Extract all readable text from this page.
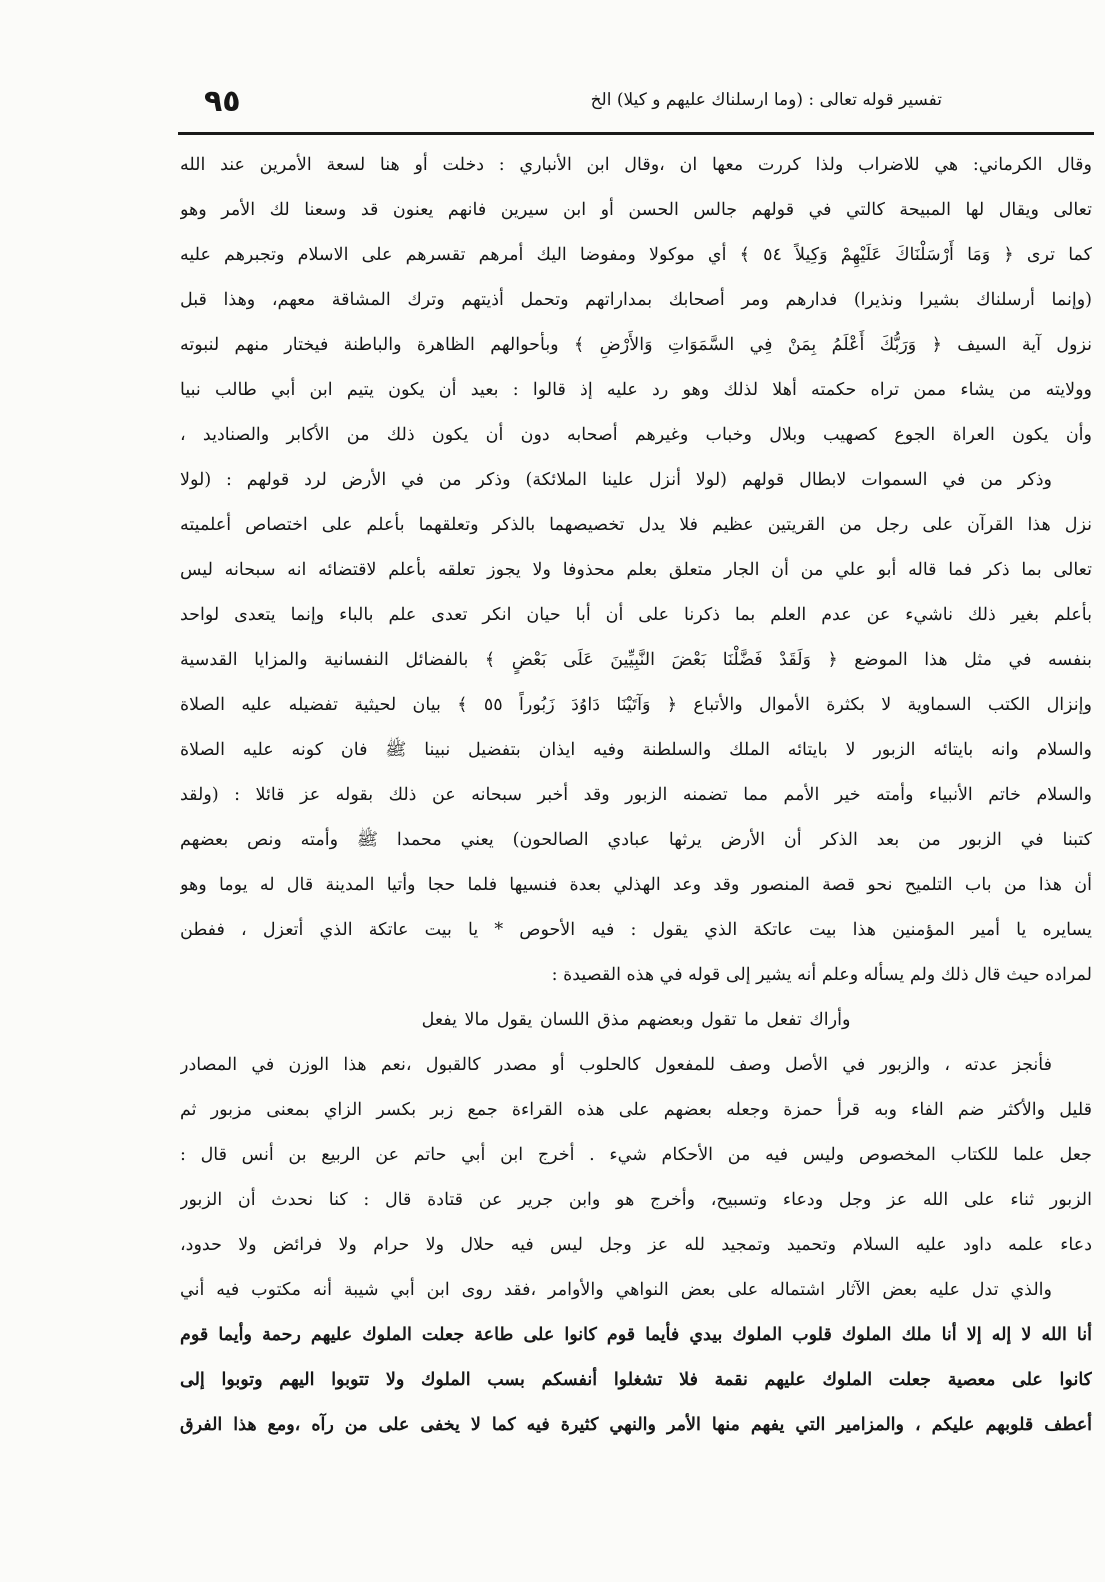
٩٥	تفسير قوله تعالى : (وما ارسلناك عليهم و كيلا) الخ
وقال الكرماني: هي للاضراب ولذا كررت معها ان ،وقال ابن الأنباري : دخلت أو هنا لسعة الأمرين عند الله
تعالى ويقال لها المبيحة كالتي في قولهم جالس الحسن أو ابن سيرين فانهم يعنون قد وسعنا لك الأمر وهو
كما ترى ﴿ وَمَا أَرْسَلْنَاكَ عَلَيْهِمْ وَكِيلاً ٥٤ ﴾ أي موكولا ومفوضا اليك أمرهم تقسرهم على الاسلام وتجبرهم عليه
(وإنما أرسلناك بشيرا ونذيرا) فدارهم ومر أصحابك بمداراتهم وتحمل أذيتهم وترك المشاقة معهم، وهذا قبل
نزول آية السيف ﴿ وَرَبُّكَ أَعْلَمُ بِمَنْ فِي السَّمَوَاتِ وَالأَرْضِ ﴾ وبأحوالهم الظاهرة والباطنة فيختار منهم لنبوته
وولايته من يشاء ممن تراه حكمته أهلا لذلك وهو رد عليه إذ قالوا : بعيد أن يكون يتيم ابن أبي طالب نبيا
وأن يكون العراة الجوع كصهيب وبلال وخباب وغيرهم أصحابه دون أن يكون ذلك من الأكابر والصناديد ،
وذكر من في السموات لابطال قولهم (لولا أنزل علينا الملائكة) وذكر من في الأرض لرد قولهم : (لولا
نزل هذا القرآن على رجل من القريتين عظيم فلا يدل تخصيصهما بالذكر وتعلقهما بأعلم على اختصاص أعلميته
تعالى بما ذكر فما قاله أبو علي من أن الجار متعلق بعلم محذوفا ولا يجوز تعلقه بأعلم لاقتضائه انه سبحانه ليس
بأعلم بغير ذلك ناشيء عن عدم العلم بما ذكرنا على أن أبا حيان انكر تعدى علم بالباء وإنما يتعدى لواحد
بنفسه في مثل هذا الموضع ﴿ وَلَقَدْ فَضَّلْنَا بَعْضَ النَّبِيِّينَ عَلَى بَعْضٍ ﴾ بالفضائل النفسانية والمزايا القدسية
وإنزال الكتب السماوية لا بكثرة الأموال والأتباع ﴿ وَآتَيْنَا دَاوُدَ زَبُوراً ٥٥ ﴾ بيان لحيثية تفضيله عليه الصلاة
والسلام وانه بايتائه الزبور لا بايتائه الملك والسلطنة وفيه ايذان بتفضيل نبينا ﷺ فان كونه عليه الصلاة
والسلام خاتم الأنبياء وأمته خير الأمم مما تضمنه الزبور وقد أخبر سبحانه عن ذلك بقوله عز قائلا : (ولقد
كتبنا في الزبور من بعد الذكر أن الأرض يرثها عبادي الصالحون) يعني محمدا ﷺ وأمته ونص بعضهم
أن هذا من باب التلميح نحو قصة المنصور وقد وعد الهذلي بعدة فنسيها فلما حجا وأتيا المدينة قال له يوما وهو
يسايره يا أمير المؤمنين هذا بيت عاتكة الذي يقول : فيه الأحوص * يا بيت عاتكة الذي أتعزل ، ففطن
لمراده حيث قال ذلك ولم يسأله وعلم أنه يشير إلى قوله في هذه القصيدة :
وأراك تفعل ما تقول وبعضهم مذق اللسان يقول مالا يفعل
فأنجز عدته ، والزبور في الأصل وصف للمفعول كالحلوب أو مصدر كالقبول ،نعم هذا الوزن في المصادر
قليل والأكثر ضم الفاء وبه قرأ حمزة وجعله بعضهم على هذه القراءة جمع زبر بكسر الزاي بمعنى مزبور ثم
جعل علما للكتاب المخصوص وليس فيه من الأحكام شيء . أخرج ابن أبي حاتم عن الربيع بن أنس قال :
الزبور ثناء على الله عز وجل ودعاء وتسبيح، وأخرج هو وابن جرير عن قتادة قال : كنا نحدث أن الزبور
دعاء علمه داود عليه السلام وتحميد وتمجيد لله عز وجل ليس فيه حلال ولا حرام ولا فرائض ولا حدود،
والذي تدل عليه بعض الآثار اشتماله على بعض النواهي والأوامر ،فقد روى ابن أبي شيبة أنه مكتوب فيه أني
أنا الله لا إله إلا أنا ملك الملوك قلوب الملوك بيدي فأيما قوم كانوا على طاعة جعلت الملوك عليهم رحمة وأيما قوم
كانوا على معصية جعلت الملوك عليهم نقمة فلا تشغلوا أنفسكم بسب الملوك ولا تتوبوا اليهم وتوبوا إلى
أعطف قلوبهم عليكم ، والمزامير التي يفهم منها الأمر والنهي كثيرة فيه كما لا يخفى على من رآه ،ومع هذا الفرق
